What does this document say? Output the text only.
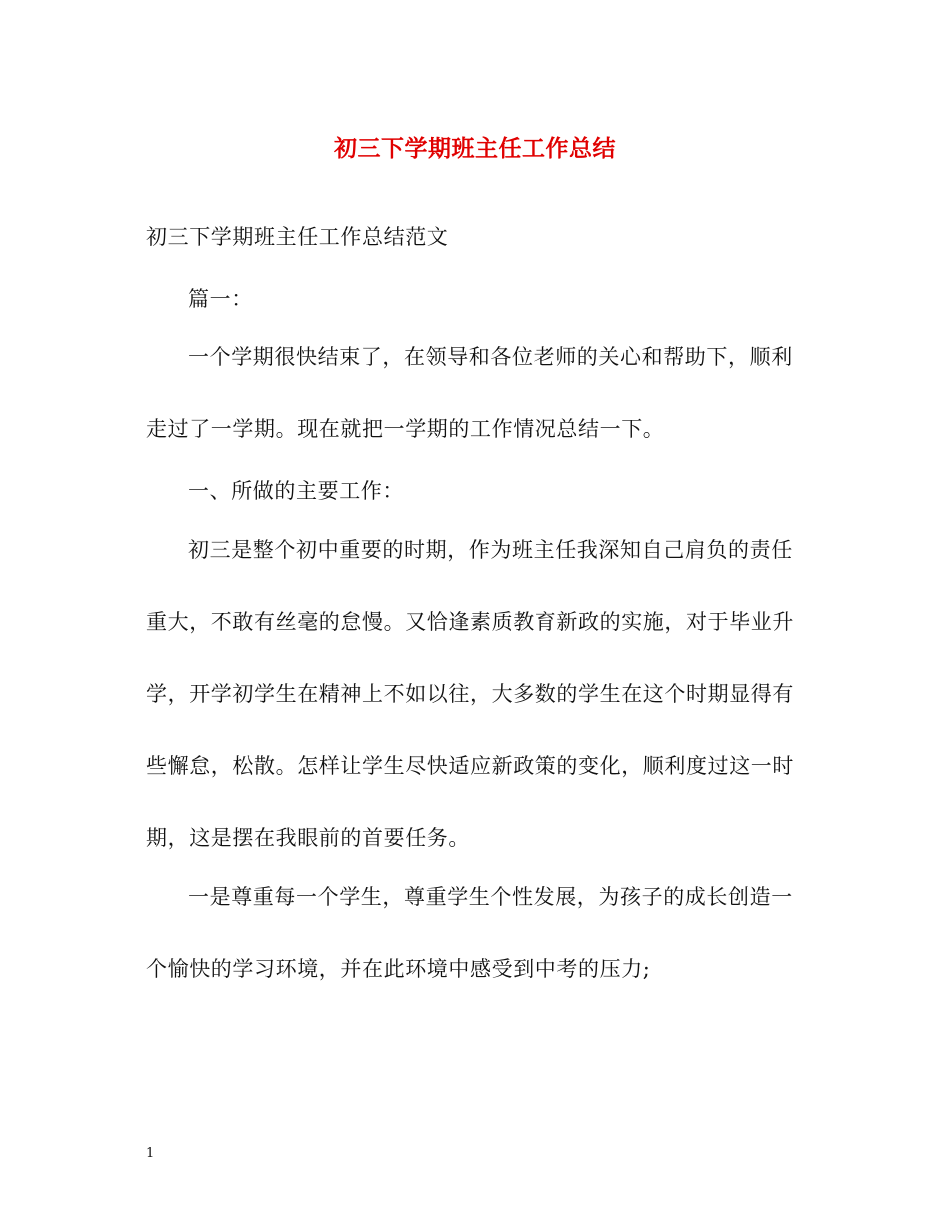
初三下学期班主任工作总结
初三下学期班主任工作总结范文
篇一：
一个学期很快结束了，在领导和各位老师的关心和帮助下，顺利
走过了一学期。现在就把一学期的工作情况总结一下。
一、所做的主要工作：
初三是整个初中重要的时期，作为班主任我深知自己肩负的责任
重大，不敢有丝毫的怠慢。又恰逢素质教育新政的实施，对于毕业升
学，开学初学生在精神上不如以往，大多数的学生在这个时期显得有
些懈怠，松散。怎样让学生尽快适应新政策的变化，顺利度过这一时
期，这是摆在我眼前的首要任务。
一是尊重每一个学生，尊重学生个性发展，为孩子的成长创造一
个愉快的学习环境，并在此环境中感受到中考的压力;
1
